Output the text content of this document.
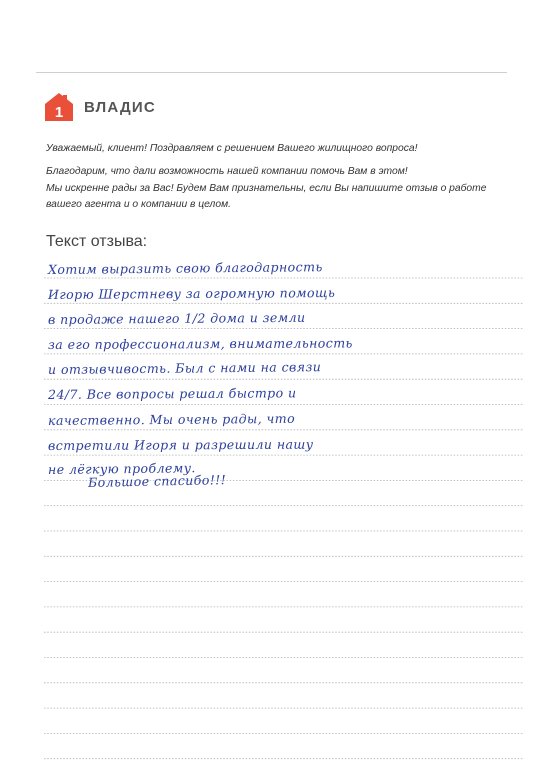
1 ВЛАДИС
Уважаемый, клиент! Поздравляем с решением Вашего жилищного вопроса!
Благодарим, что дали возможность нашей компании помочь Вам в этом!
Мы искренне рады за Вас! Будем Вам признательны, если Вы напишите отзыв о работе
вашего агента и о компании в целом.
Текст отзыва:
Хотим выразить свою благодарность
Игорю Шерстневу за огромную помощь
в продаже нашего 1/2 дома и земли
за его профессионализм, внимательность
и отзывчивость. Был с нами на связи
24/7. Все вопросы решал быстро и
качественно. Мы очень рады, что
встретили Игоря и разрешили нашу
не лёгкую проблему.
Большое спасибо!!!
